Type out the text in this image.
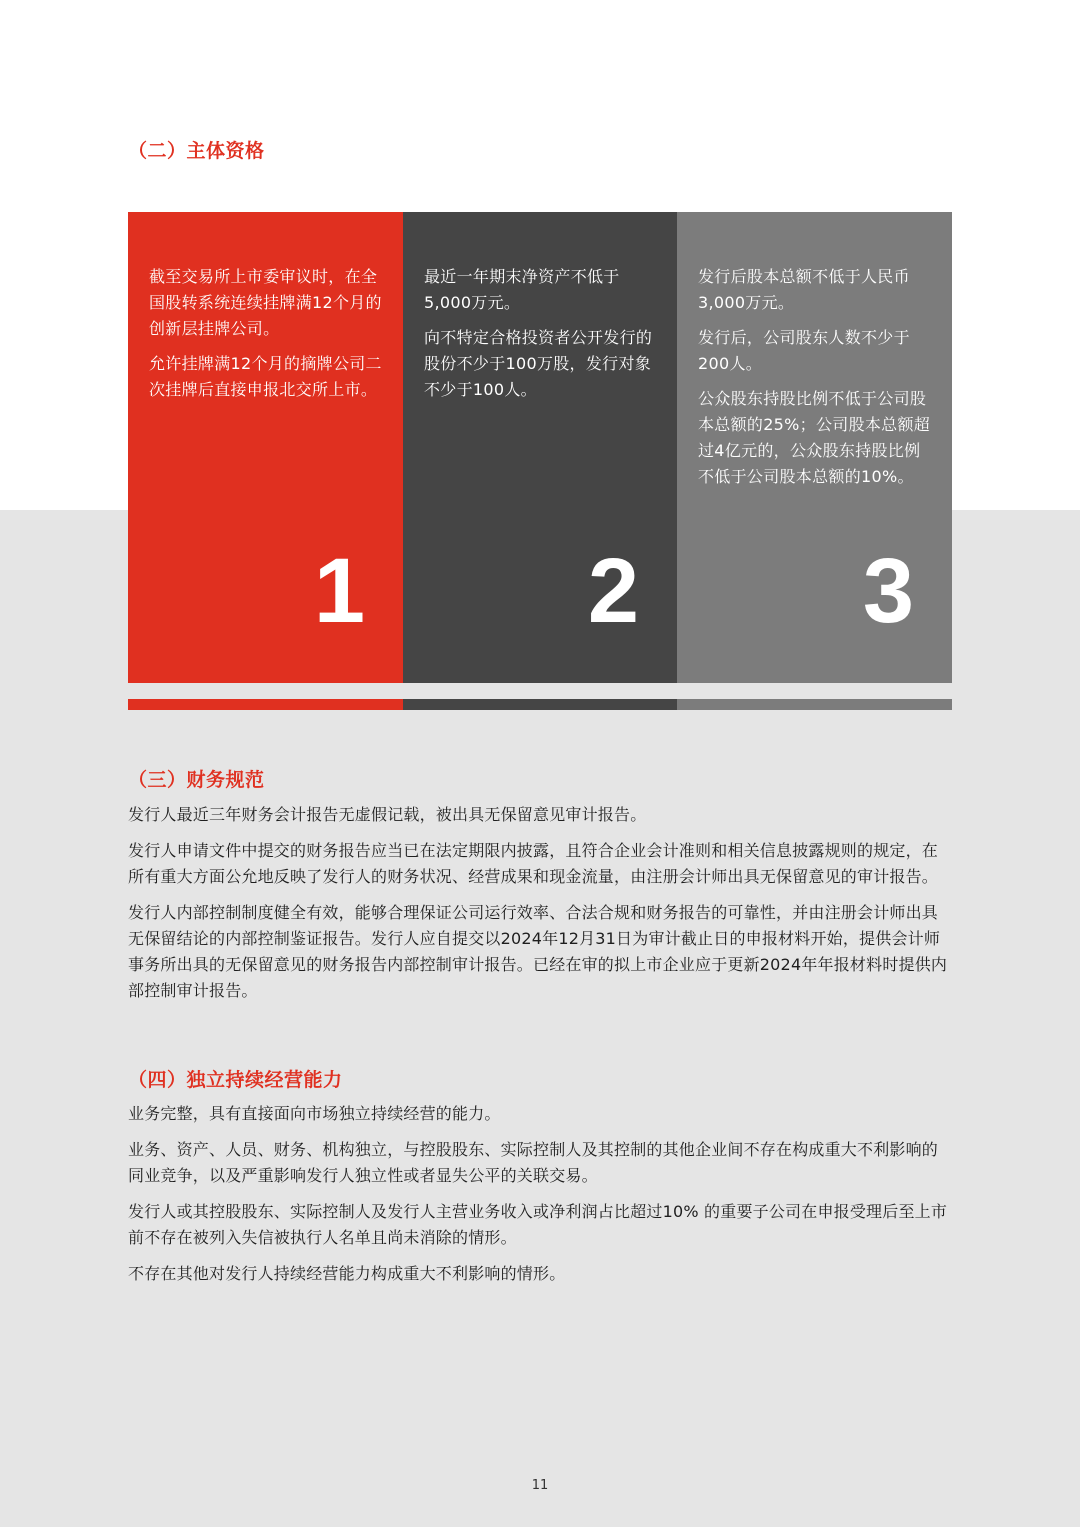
（二）主体资格

截至交易所上市委审议时，在全国股转系统连续挂牌满12个月的创新层挂牌公司。

允许挂牌满12个月的摘牌公司二次挂牌后直接申报北交所上市。

1

最近一年期末净资产不低于5,000万元。

向不特定合格投资者公开发行的股份不少于100万股，发行对象不少于100人。

2

发行后股本总额不低于人民币3,000万元。

发行后，公司股东人数不少于200人。

公众股东持股比例不低于公司股本总额的25%；公司股本总额超过4亿元的，公众股东持股比例不低于公司股本总额的10%。

3
（三）财务规范

发行人最近三年财务会计报告无虚假记载，被出具无保留意见审计报告。

发行人申请文件中提交的财务报告应当已在法定期限内披露，且符合企业会计准则和相关信息披露规则的规定，在所有重大方面公允地反映了发行人的财务状况、经营成果和现金流量，由注册会计师出具无保留意见的审计报告。

发行人内部控制制度健全有效，能够合理保证公司运行效率、合法合规和财务报告的可靠性，并由注册会计师出具无保留结论的内部控制鉴证报告。发行人应自提交以2024年12月31日为审计截止日的申报材料开始，提供会计师事务所出具的无保留意见的财务报告内部控制审计报告。已经在审的拟上市企业应于更新2024年年报材料时提供内部控制审计报告。

（四）独立持续经营能力

业务完整，具有直接面向市场独立持续经营的能力。

业务、资产、人员、财务、机构独立，与控股股东、实际控制人及其控制的其他企业间不存在构成重大不利影响的同业竞争，以及严重影响发行人独立性或者显失公平的关联交易。

发行人或其控股股东、实际控制人及发行人主营业务收入或净利润占比超过10% 的重要子公司在申报受理后至上市前不存在被列入失信被执行人名单且尚未消除的情形。

不存在其他对发行人持续经营能力构成重大不利影响的情形。

11
